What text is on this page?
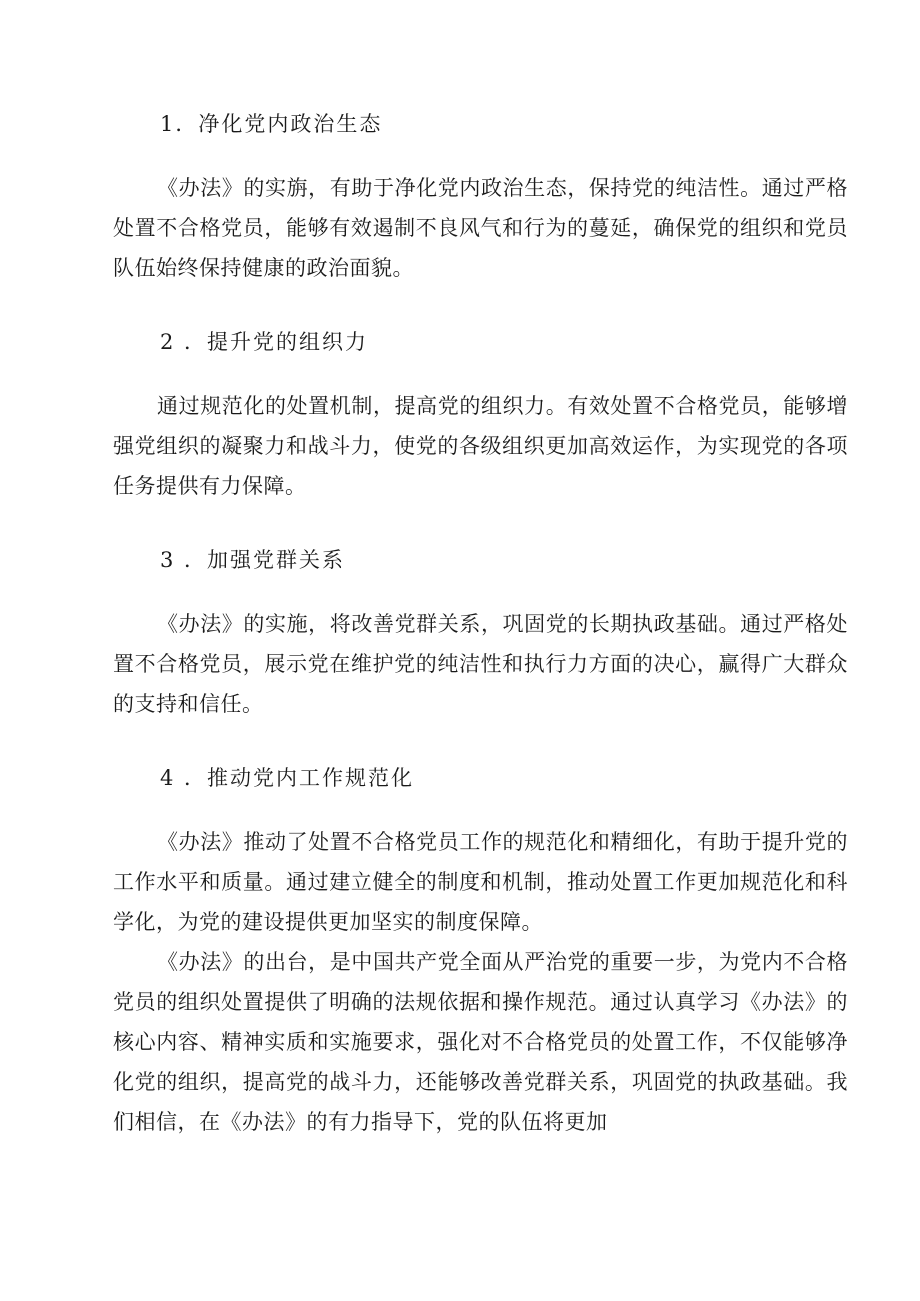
1．净化党内政治生态

《办法》的实旃，有助于净化党内政治生态，保持党的纯洁性。通过严格处置不合格党员，能够有效遏制不良风气和行为的蔓延，确保党的组织和党员队伍始终保持健康的政治面貌。

2 ．提升党的组织力

通过规范化的处置机制，提高党的组织力。有效处置不合格党员，能够增强党组织的凝聚力和战斗力，使党的各级组织更加高效运作，为实现党的各项任务提供有力保障。

3 ．加强党群关系

《办法》的实施，将改善党群关系，巩固党的长期执政基础。通过严格处置不合格党员，展示党在维护党的纯洁性和执行力方面的决心，赢得广大群众的支持和信任。

4 ．推动党内工作规范化

《办法》推动了处置不合格党员工作的规范化和精细化，有助于提升党的工作水平和质量。通过建立健全的制度和机制，推动处置工作更加规范化和科学化，为党的建设提供更加坚实的制度保障。

《办法》的出台，是中国共产党全面从严治党的重要一步，为党内不合格党员的组织处置提供了明确的法规依据和操作规范。通过认真学习《办法》的核心内容、精神实质和实施要求，强化对不合格党员的处置工作，不仅能够净化党的组织，提高党的战斗力，还能够改善党群关系，巩固党的执政基础。我们相信，在《办法》的有力指导下，党的队伍将更加
